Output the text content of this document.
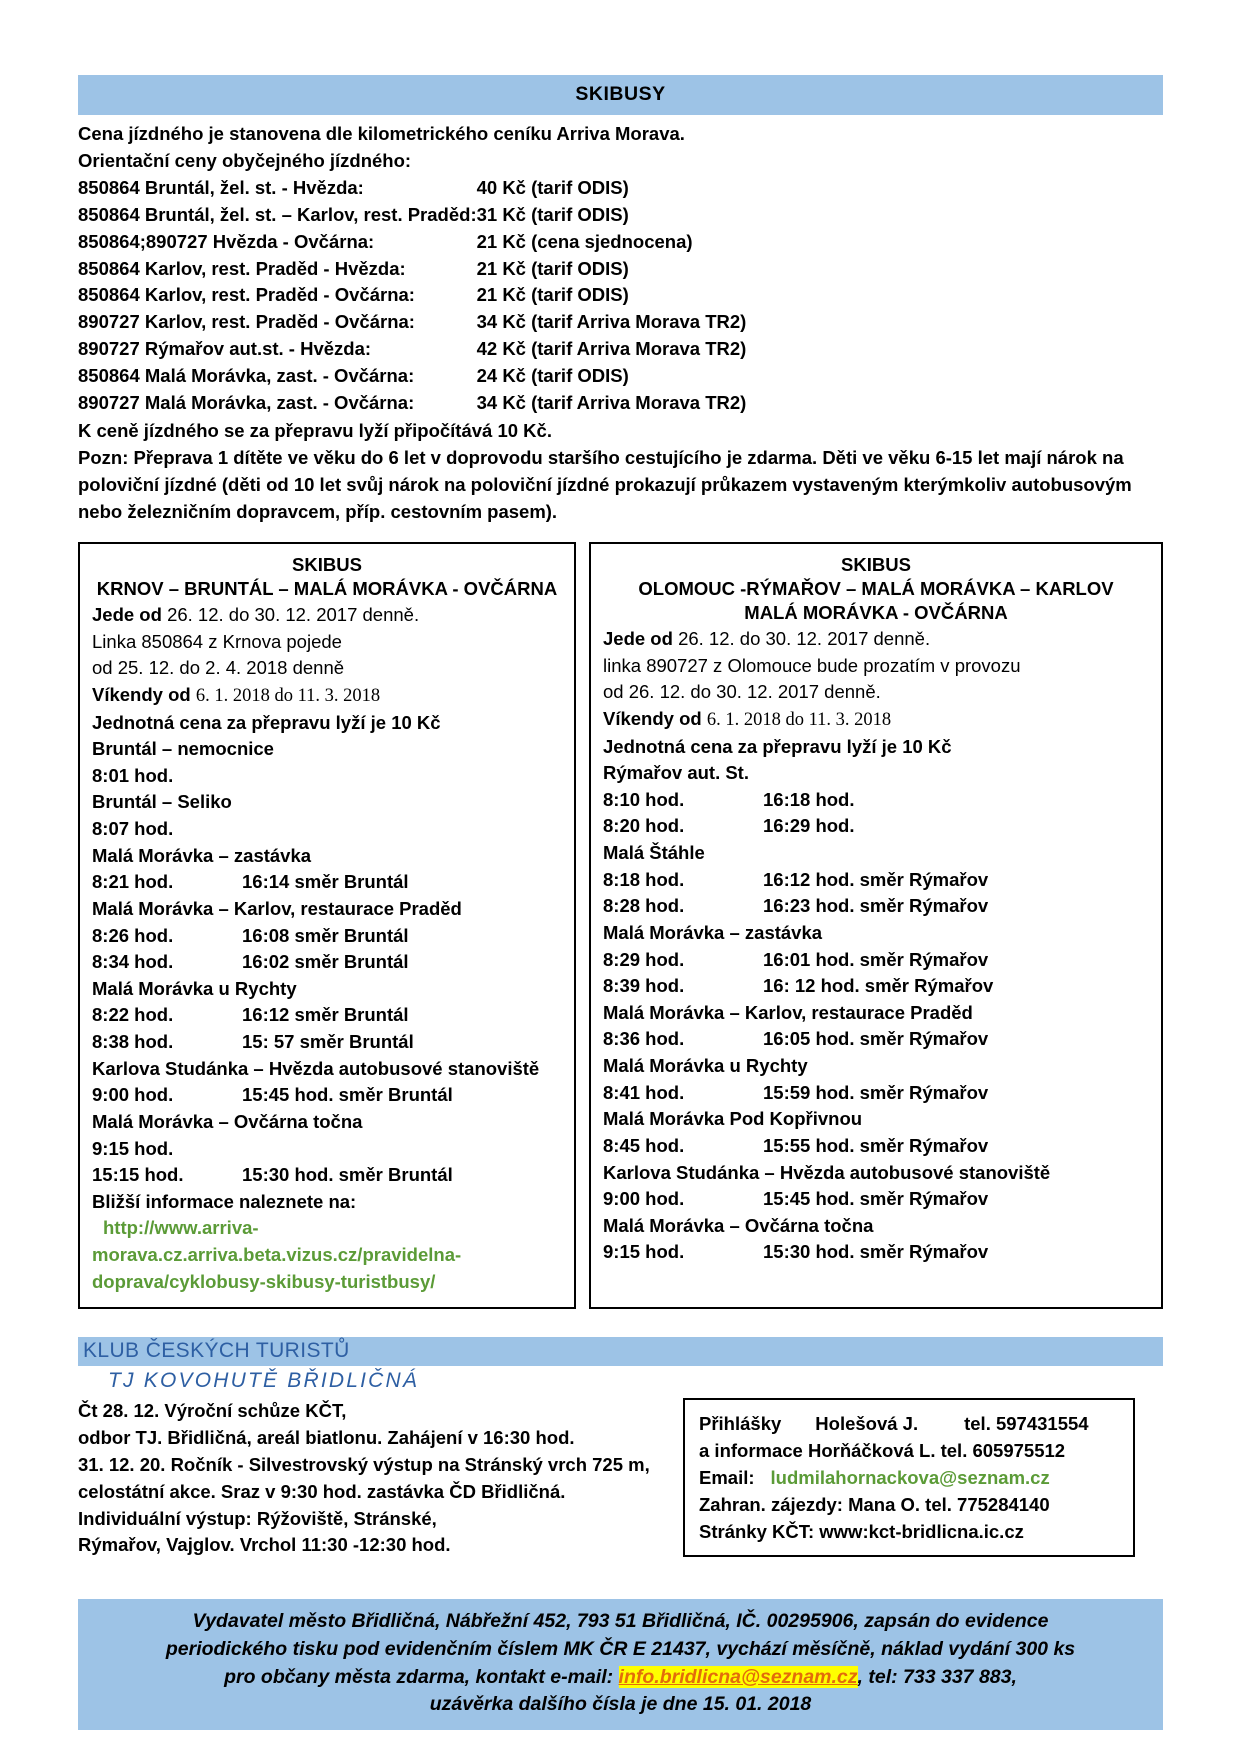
SKIBUSY
Cena jízdného je stanovena dle kilometrického ceníku Arriva Morava.
Orientační ceny obyčejného jízdného:
850864 Bruntál, žel. st. - Hvězda:	40 Kč (tarif ODIS)
850864 Bruntál, žel. st. – Karlov, rest. Praděd:	31 Kč (tarif ODIS)
850864;890727 Hvězda - Ovčárna:	21 Kč (cena sjednocena)
850864 Karlov, rest. Praděd - Hvězda:	21 Kč (tarif ODIS)
850864 Karlov, rest. Praděd - Ovčárna:	21 Kč (tarif ODIS)
890727 Karlov, rest. Praděd - Ovčárna:	34 Kč (tarif Arriva Morava TR2)
890727 Rýmařov aut.st. - Hvězda:	42 Kč (tarif Arriva Morava TR2)
850864 Malá Morávka, zast. - Ovčárna:	24 Kč (tarif ODIS)
890727 Malá Morávka, zast. - Ovčárna:	34 Kč (tarif Arriva Morava TR2)

K ceně jízdného se za přepravu lyží připočítává 10 Kč.

Pozn: Přeprava 1 dítěte ve věku do 6 let v doprovodu staršího cestujícího je zdarma. Děti ve věku 6-15 let mají nárok na

poloviční jízdné (děti od 10 let svůj nárok na poloviční jízdné prokazují průkazem vystaveným kterýmkoliv autobusovým

nebo železničním dopravcem, příp. cestovním pasem).

SKIBUS
KRNOV – BRUNTÁL – MALÁ MORÁVKA - OVČÁRNA
Jede od 26. 12. do 30. 12. 2017 denně.
Linka 850864 z Krnova pojede
od 25. 12. do 2. 4. 2018 denně
Víkendy od 6. 1. 2018 do 11. 3. 2018
Jednotná cena za přepravu lyží je 10 Kč
Bruntál – nemocnice
8:01 hod.
Bruntál – Seliko
8:07 hod.
Malá Morávka – zastávka
8:21 hod.	16:14 směr Bruntál
Malá Morávka – Karlov, restaurace Praděd
8:26 hod.	16:08 směr Bruntál
8:34 hod.	16:02 směr Bruntál
Malá Morávka u Rychty
8:22 hod.	16:12 směr Bruntál
8:38 hod.	15: 57 směr Bruntál
Karlova Studánka – Hvězda autobusové stanoviště
9:00 hod.	15:45 hod. směr Bruntál
Malá Morávka – Ovčárna točna
9:15 hod.
15:15 hod.	15:30 hod. směr Bruntál
Bližší informace naleznete na:
http://www.arriva-
morava.cz.arriva.beta.vizus.cz/pravidelna-
doprava/cyklobusy-skibusy-turistbusy/
SKIBUS
OLOMOUC -RÝMAŘOV – MALÁ MORÁVKA – KARLOV
MALÁ MORÁVKA - OVČÁRNA
Jede od 26. 12. do 30. 12. 2017 denně.
linka 890727 z Olomouce bude prozatím v provozu
od 26. 12. do 30. 12. 2017 denně.
Víkendy od 6. 1. 2018 do 11. 3. 2018
Jednotná cena za přepravu lyží je 10 Kč
Rýmařov aut. St.
8:10 hod.	16:18 hod.
8:20 hod.	16:29 hod.
Malá Štáhle
8:18 hod.	16:12 hod. směr Rýmařov
8:28 hod.	16:23 hod. směr Rýmařov
Malá Morávka – zastávka
8:29 hod.	16:01 hod. směr Rýmařov
8:39 hod.	16: 12 hod. směr Rýmařov
Malá Morávka – Karlov, restaurace Praděd
8:36 hod.	16:05 hod. směr Rýmařov
Malá Morávka u Rychty
8:41 hod.	15:59 hod. směr Rýmařov
Malá Morávka Pod Kopřivnou
8:45 hod.	15:55 hod. směr Rýmařov
Karlova Studánka – Hvězda autobusové stanoviště
9:00 hod.	15:45 hod. směr Rýmařov
Malá Morávka – Ovčárna točna
9:15 hod.	15:30 hod. směr Rýmařov
KLUB ČESKÝCH TURISTŮ
TJ KOVOHUTĚ BŘIDLIČNÁ
Čt 28. 12. Výroční schůze KČT,
odbor TJ. Břidličná, areál biatlonu. Zahájení v 16:30 hod.
31. 12. 20. Ročník - Silvestrovský výstup na Stránský vrch 725 m,
celostátní akce. Sraz v 9:30 hod. zastávka ČD Břidličná.
Individuální výstup: Rýžoviště, Stránské,
Rýmařov, Vajglov. Vrchol 11:30 -12:30 hod.
Přihlášky Holešová J. tel. 597431554
a informace Horňáčková L. tel. 605975512
Email: ludmilahornackova@seznam.cz
Zahran. zájezdy: Mana O. tel. 775284140
Stránky KČT: www:kct-bridlicna.ic.cz
Vydavatel město Břidličná, Nábřežní 452, 793 51 Břidličná, IČ. 00295906, zapsán do evidence
periodického tisku pod evidenčním číslem MK ČR E 21437, vychází měsíčně, náklad vydání 300 ks
pro občany města zdarma, kontakt e-mail: info.bridlicna@seznam.cz, tel: 733 337 883,
uzávěrka dalšího čísla je dne 15. 01. 2018
